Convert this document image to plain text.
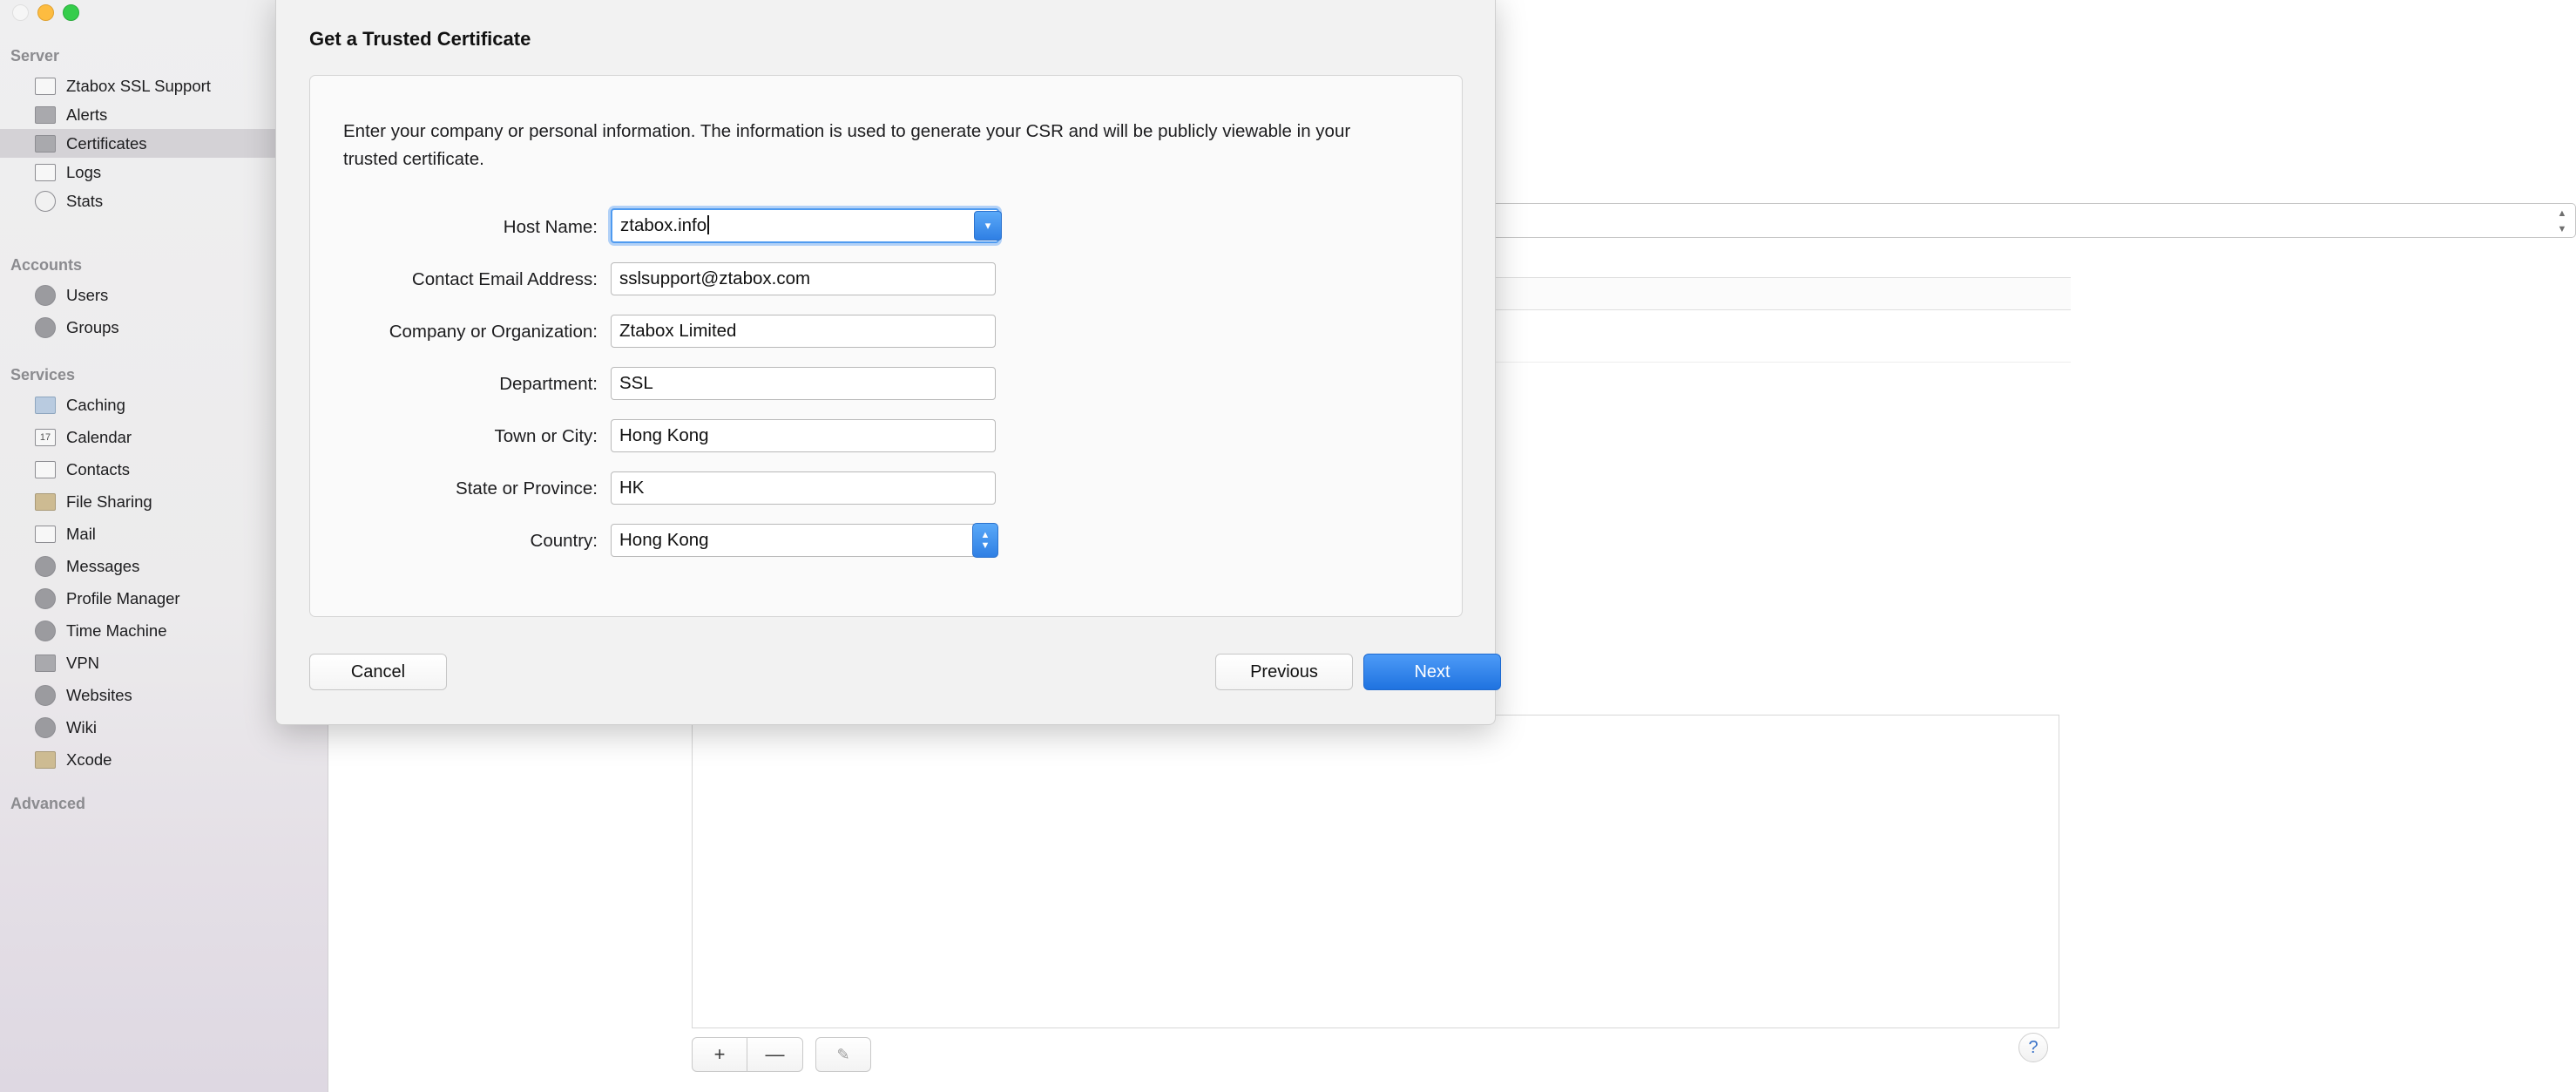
▲
▼
+	—	✎	?
Server
Ztabox SSL Support
Alerts
Certificates
Logs
Stats
Accounts
Users
Groups
Services
Caching
17 Calendar
Contacts
File Sharing
Mail
Messages
Profile Manager
Time Machine
VPN
Websites
Wiki
Xcode
Advanced
Get a Trusted Certificate
Enter your company or personal information. The information is used to generate your CSR and will be publicly viewable in your trusted certificate.
Host Name:	ztabox.info	▾
Contact Email Address:	sslsupport@ztabox.com
Company or Organization:	Ztabox Limited
Department:	SSL
Town or City:	Hong Kong
State or Province:	HK
Country:	Hong Kong	▲
▼
Cancel	Previous	Next
